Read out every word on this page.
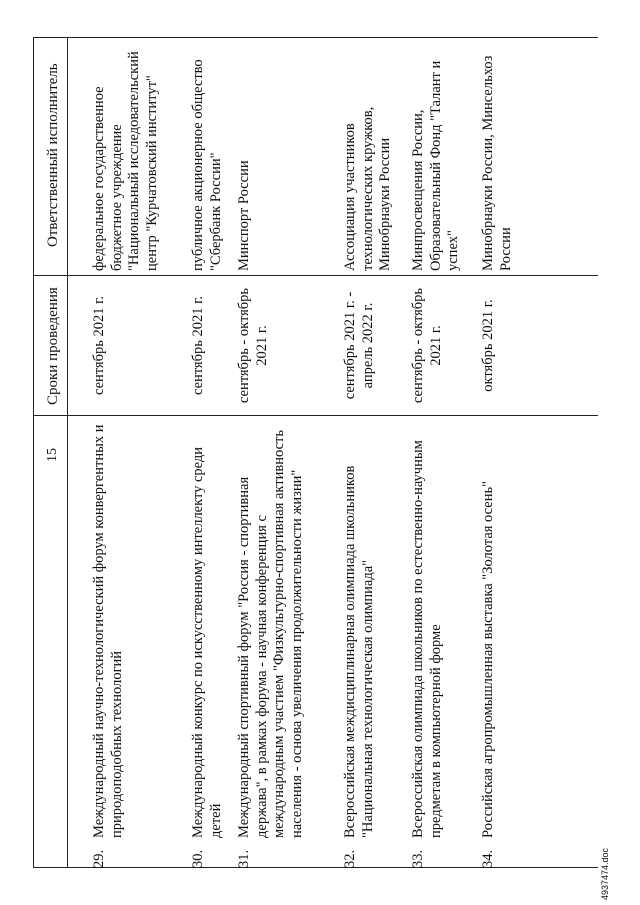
15
Сроки проведения
Ответственный исполнитель
29.
Международный научно-технологический форум конвергентных и природоподобных технологий
сентябрь 2021 г.
федеральное государственное бюджетное учреждение "Национальный исследовательский центр "Курчатовский институт"
30.
Международный конкурс по искусственному интеллекту среди детей
сентябрь 2021 г.
публичное акционерное общество "Сбербанк России"
31.
Международный спортивный форум "Россия - спортивная держава", в рамках форума - научная конференция с международным участием "Физкультурно-спортивная активность населения - основа увеличения продолжительности жизни"
сентябрь - октябрь 2021 г.
Минспорт России
32.
Всероссийская междисциплинарная олимпиада школьников "Национальная технологическая олимпиада"
сентябрь 2021 г. - апрель 2022 г.
Ассоциация участников технологических кружков, Минобрнауки России
33.
Всероссийская олимпиада школьников по естественно-научным предметам в компьютерной форме
сентябрь - октябрь 2021 г.
Минпросвещения России, Образовательный Фонд "Талант и успех"
34.
Российская агропромышленная выставка "Золотая осень"
октябрь 2021 г.
Минобрнауки России, Минсельхоз России
4937474.doc
